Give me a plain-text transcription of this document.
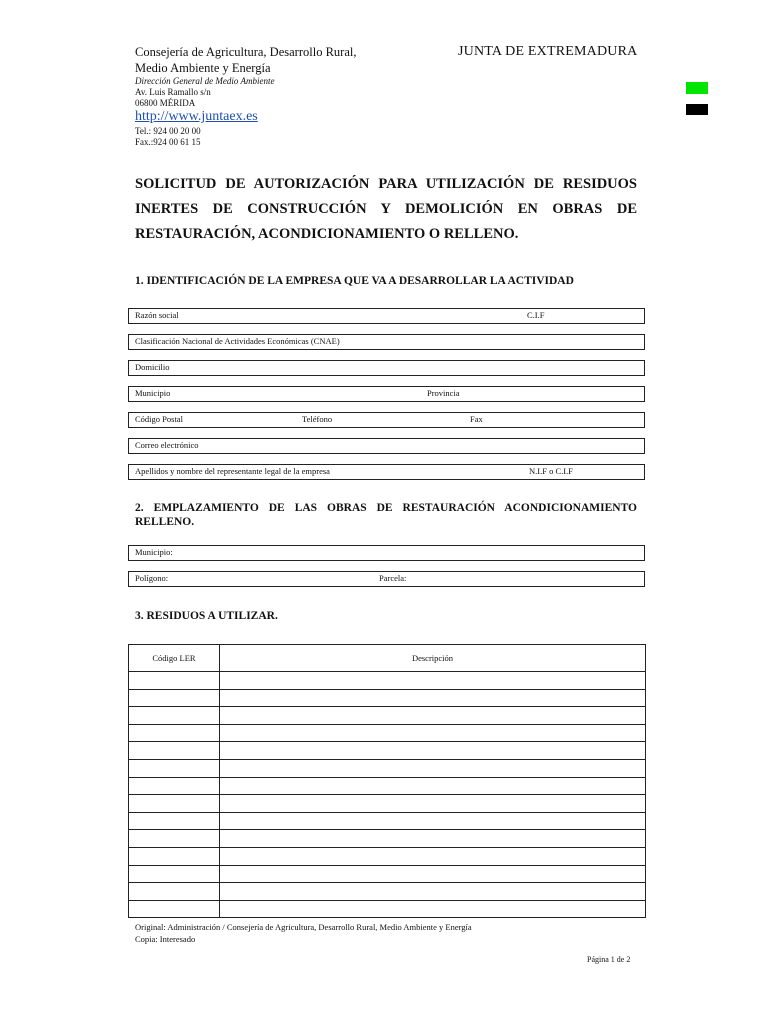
Consejería de Agricultura, Desarrollo Rural,
Medio Ambiente y Energía
JUNTA DE EXTREMADURA
Dirección General de Medio Ambiente
Av. Luis Ramallo s/n
06800 MÉRIDA
http://www.juntaex.es
Tel.: 924 00 20 00
Fax.:924 00 61 15
SOLICITUD DE AUTORIZACIÓN PARA UTILIZACIÓN DE RESIDUOS INERTES DE CONSTRUCCIÓN Y DEMOLICIÓN EN OBRAS DE RESTAURACIÓN, ACONDICIONAMIENTO O RELLENO.
1. IDENTIFICACIÓN DE LA EMPRESA QUE VA A DESARROLLAR LA ACTIVIDAD
Razón social	C.I.F
Clasificación Nacional de Actividades Económicas (CNAE)
Domicilio
Municipio	Provincia
Código Postal	Teléfono	Fax
Correo electrónico
Apellidos y nombre del representante legal de la empresa	N.I.F o C.I.F
2. EMPLAZAMIENTO DE LAS OBRAS DE RESTAURACIÓN ACONDICIONAMIENTO RELLENO.
Municipio:
Polígono:	Parcela:
3. RESIDUOS A UTILIZAR.
Código LER	Descripción

Original: Administración / Consejería de Agricultura, Desarrollo Rural, Medio Ambiente y Energía
Copia: Interesado
Página 1 de 2
